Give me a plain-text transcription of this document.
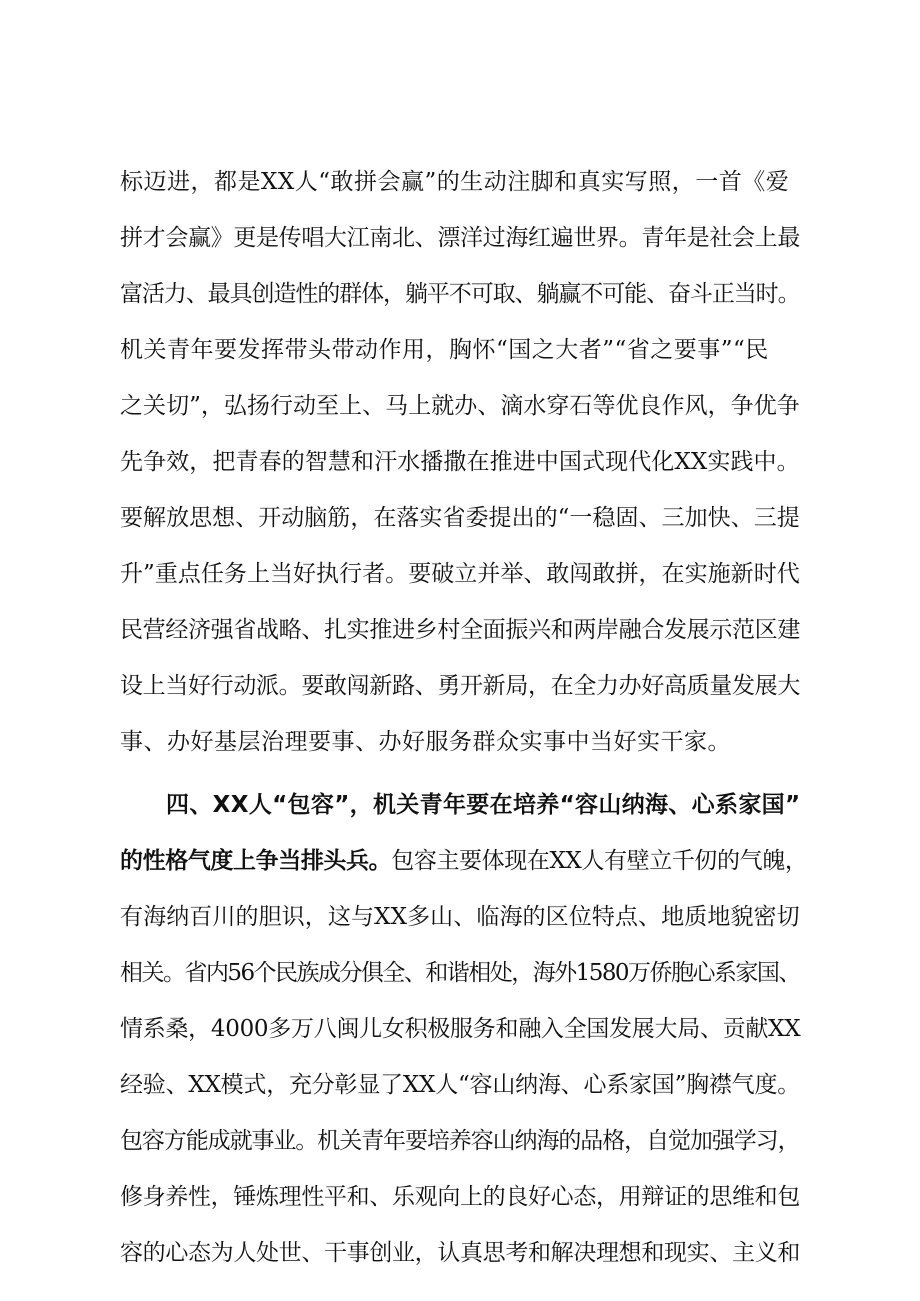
标迈进，都是XX人“敢拼会赢”的生动注脚和真实写照，一首《爱
拼才会赢》更是传唱大江南北、漂洋过海红遍世界。青年是社会上最
富活力、最具创造性的群体，躺平不可取、躺赢不可能、奋斗正当时。
机关青年要发挥带头带动作用，胸怀“国之大者”“省之要事”“民
之关切”，弘扬行动至上、马上就办、滴水穿石等优良作风，争优争
先争效，把青春的智慧和汗水播撒在推进中国式现代化XX实践中。
要解放思想、开动脑筋，在落实省委提出的“一稳固、三加快、三提
升”重点任务上当好执行者。要破立并举、敢闯敢拼，在实施新时代
民营经济强省战略、扎实推进乡村全面振兴和两岸融合发展示范区建
设上当好行动派。要敢闯新路、勇开新局，在全力办好高质量发展大
事、办好基层治理要事、办好服务群众实事中当好实干家。
四、XX人“包容”，机关青年要在培养“容山纳海、心系家国”
的性格气度上争当排头兵。包容主要体现在XX人有壁立千仞的气魄，
有海纳百川的胆识，这与XX多山、临海的区位特点、地质地貌密切
相关。省内56个民族成分俱全、和谐相处，海外1580万侨胞心系家国、
情系桑，4000多万八闽儿女积极服务和融入全国发展大局、贡献XX
经验、XX模式，充分彰显了XX人“容山纳海、心系家国”胸襟气度。
包容方能成就事业。机关青年要培养容山纳海的品格，自觉加强学习，
修身养性，锤炼理性平和、乐观向上的良好心态，用辩证的思维和包
容的心态为人处世、干事创业，认真思考和解决理想和现实、主义和
